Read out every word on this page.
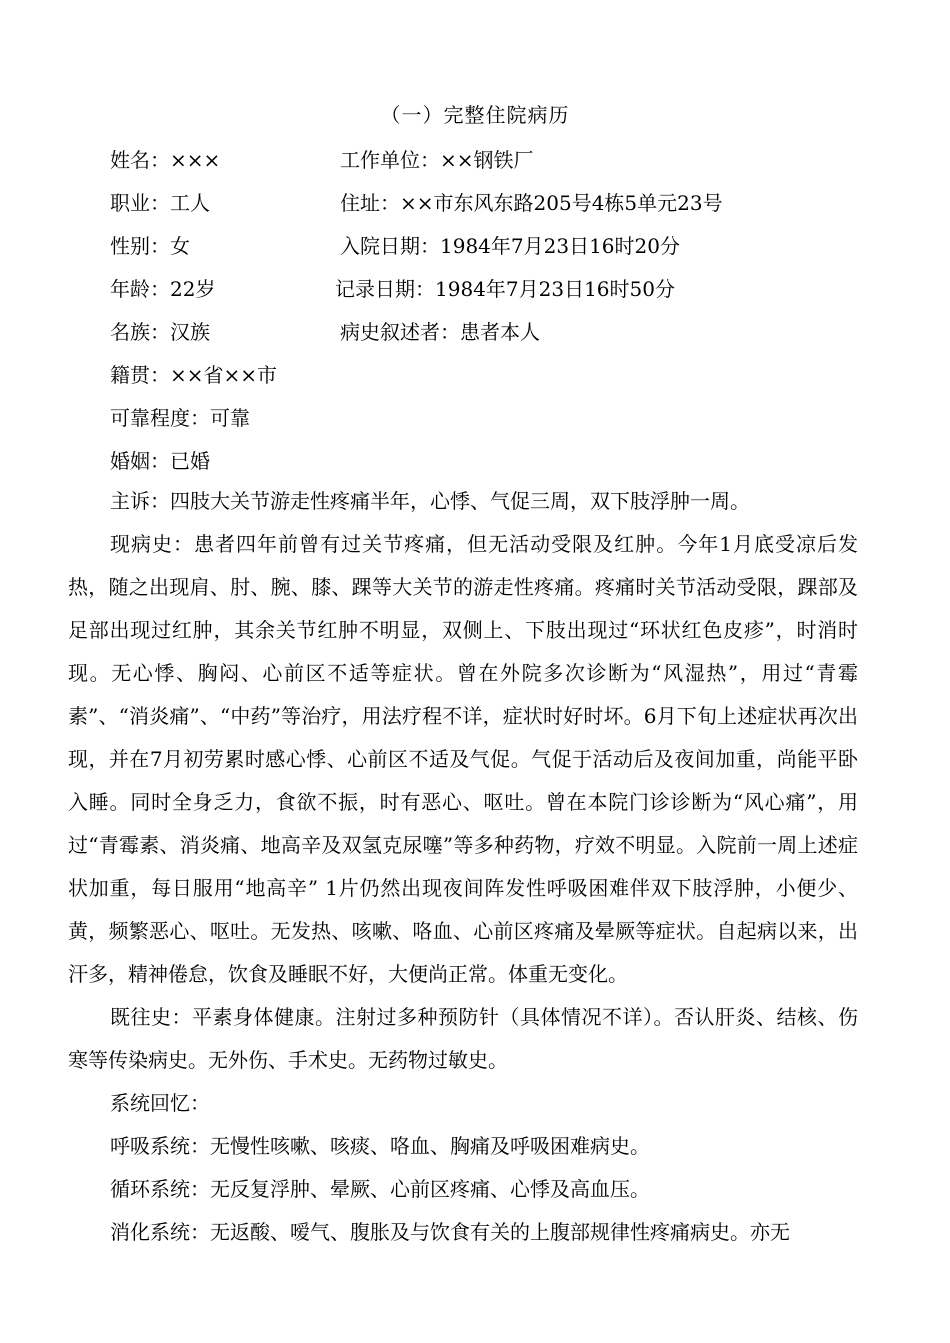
（一）完整住院病历
姓名：×××	工作单位：××钢铁厂
职业：工人	住址：××市东风东路205号4栋5单元23号
性别：女	入院日期：1984年7月23日16时20分
年龄：22岁	记录日期：1984年7月23日16时50分
名族：汉族	病史叙述者：患者本人
籍贯：××省××市
可靠程度：可靠
婚姻：已婚

主诉：四肢大关节游走性疼痛半年，心悸、气促三周，双下肢浮肿一周。

现病史：患者四年前曾有过关节疼痛，但无活动受限及红肿。今年1月底受凉后发热，随之出现肩、肘、腕、膝、踝等大关节的游走性疼痛。疼痛时关节活动受限，踝部及足部出现过红肿，其余关节红肿不明显，双侧上、下肢出现过“环状红色皮疹”，时消时现。无心悸、胸闷、心前区不适等症状。曾在外院多次诊断为“风湿热”，用过“青霉素”、“消炎痛”、“中药”等治疗，用法疗程不详，症状时好时坏。6月下旬上述症状再次出现，并在7月初劳累时感心悸、心前区不适及气促。气促于活动后及夜间加重，尚能平卧入睡。同时全身乏力，食欲不振，时有恶心、呕吐。曾在本院门诊诊断为“风心痛”，用过“青霉素、消炎痛、地高辛及双氢克尿噻”等多种药物，疗效不明显。入院前一周上述症状加重，每日服用“地高辛” 1片仍然出现夜间阵发性呼吸困难伴双下肢浮肿，小便少、黄，频繁恶心、呕吐。无发热、咳嗽、咯血、心前区疼痛及晕厥等症状。自起病以来，出汗多，精神倦怠，饮食及睡眠不好，大便尚正常。体重无变化。

既往史：平素身体健康。注射过多种预防针（具体情况不详）。否认肝炎、结核、伤寒等传染病史。无外伤、手术史。无药物过敏史。

系统回忆：

呼吸系统：无慢性咳嗽、咳痰、咯血、胸痛及呼吸困难病史。

循环系统：无反复浮肿、晕厥、心前区疼痛、心悸及高血压。

消化系统：无返酸、嗳气、腹胀及与饮食有关的上腹部规律性疼痛病史。亦无
